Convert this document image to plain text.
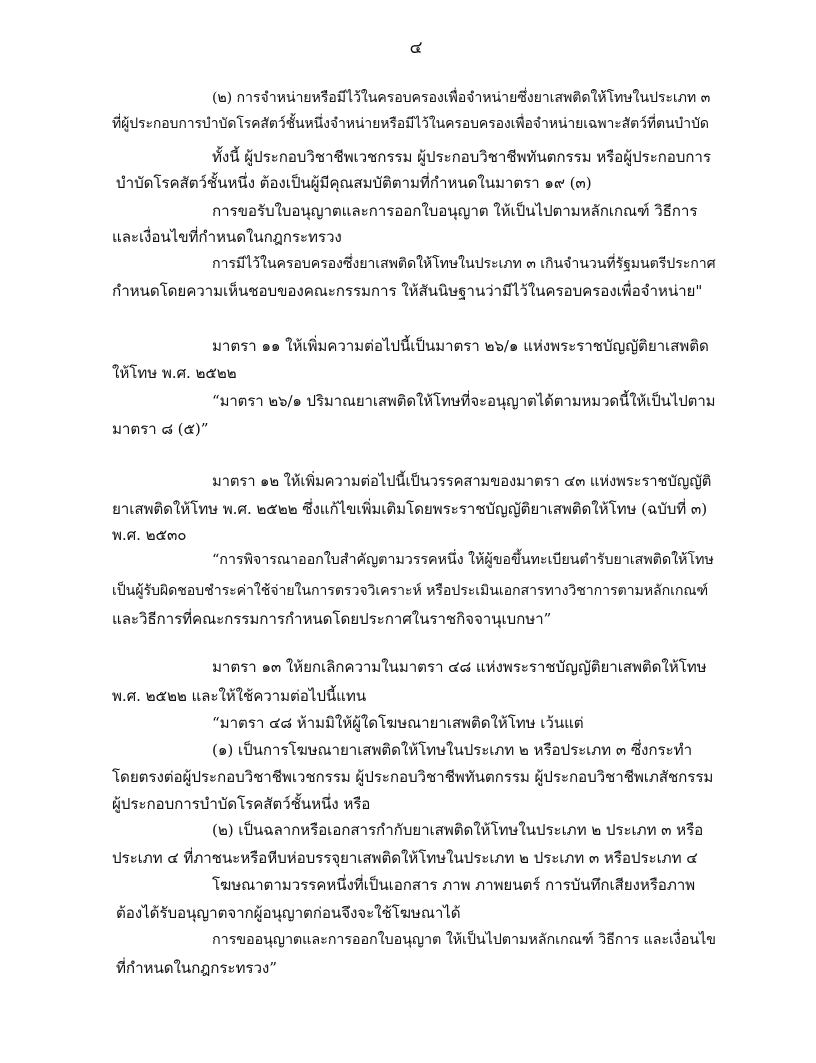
๔
(๒) การจำหน่ายหรือมีไว้ในครอบครองเพื่อจำหน่ายซึ่งยาเสพติดให้โทษในประเภท ๓
ที่ผู้ประกอบการบำบัดโรคสัตว์ชั้นหนึ่งจำหน่ายหรือมีไว้ในครอบครองเพื่อจำหน่ายเฉพาะสัตว์ที่ตนบำบัด
ทั้งนี้ ผู้ประกอบวิชาชีพเวชกรรม ผู้ประกอบวิชาชีพทันตกรรม หรือผู้ประกอบการ
บำบัดโรคสัตว์ชั้นหนึ่ง ต้องเป็นผู้มีคุณสมบัติตามที่กำหนดในมาตรา ๑๙ (๓)
การขอรับใบอนุญาตและการออกใบอนุญาต ให้เป็นไปตามหลักเกณฑ์ วิธีการ
และเงื่อนไขที่กำหนดในกฎกระทรวง
การมีไว้ในครอบครองซึ่งยาเสพติดให้โทษในประเภท ๓ เกินจำนวนที่รัฐมนตรีประกาศ
กำหนดโดยความเห็นชอบของคณะกรรมการ ให้สันนิษฐานว่ามีไว้ในครอบครองเพื่อจำหน่าย"
มาตรา ๑๑ ให้เพิ่มความต่อไปนี้เป็นมาตรา ๒๖/๑ แห่งพระราชบัญญัติยาเสพติด
ให้โทษ พ.ศ. ๒๕๒๒
“มาตรา ๒๖/๑ ปริมาณยาเสพติดให้โทษที่จะอนุญาตได้ตามหมวดนี้ให้เป็นไปตาม
มาตรา ๘ (๕)”
มาตรา ๑๒ ให้เพิ่มความต่อไปนี้เป็นวรรคสามของมาตรา ๔๓ แห่งพระราชบัญญัติ
ยาเสพติดให้โทษ พ.ศ. ๒๕๒๒ ซึ่งแก้ไขเพิ่มเติมโดยพระราชบัญญัติยาเสพติดให้โทษ (ฉบับที่ ๓)
พ.ศ. ๒๕๓๐
“การพิจารณาออกใบสำคัญตามวรรคหนึ่ง ให้ผู้ขอขึ้นทะเบียนตำรับยาเสพติดให้โทษ
เป็นผู้รับผิดชอบชำระค่าใช้จ่ายในการตรวจวิเคราะห์ หรือประเมินเอกสารทางวิชาการตามหลักเกณฑ์
และวิธีการที่คณะกรรมการกำหนดโดยประกาศในราชกิจจานุเบกษา”
มาตรา ๑๓ ให้ยกเลิกความในมาตรา ๔๘ แห่งพระราชบัญญัติยาเสพติดให้โทษ
พ.ศ. ๒๕๒๒ และให้ใช้ความต่อไปนี้แทน
“มาตรา ๔๘ ห้ามมิให้ผู้ใดโฆษณายาเสพติดให้โทษ เว้นแต่
(๑) เป็นการโฆษณายาเสพติดให้โทษในประเภท ๒ หรือประเภท ๓ ซึ่งกระทำ
โดยตรงต่อผู้ประกอบวิชาชีพเวชกรรม ผู้ประกอบวิชาชีพทันตกรรม ผู้ประกอบวิชาชีพเภสัชกรรม
ผู้ประกอบการบำบัดโรคสัตว์ชั้นหนึ่ง หรือ
(๒) เป็นฉลากหรือเอกสารกำกับยาเสพติดให้โทษในประเภท ๒ ประเภท ๓ หรือ
ประเภท ๔ ที่ภาชนะหรือหีบห่อบรรจุยาเสพติดให้โทษในประเภท ๒ ประเภท ๓ หรือประเภท ๔
โฆษณาตามวรรคหนึ่งที่เป็นเอกสาร ภาพ ภาพยนตร์ การบันทึกเสียงหรือภาพ
ต้องได้รับอนุญาตจากผู้อนุญาตก่อนจึงจะใช้โฆษณาได้
การขออนุญาตและการออกใบอนุญาต ให้เป็นไปตามหลักเกณฑ์ วิธีการ และเงื่อนไข
ที่กำหนดในกฎกระทรวง”
